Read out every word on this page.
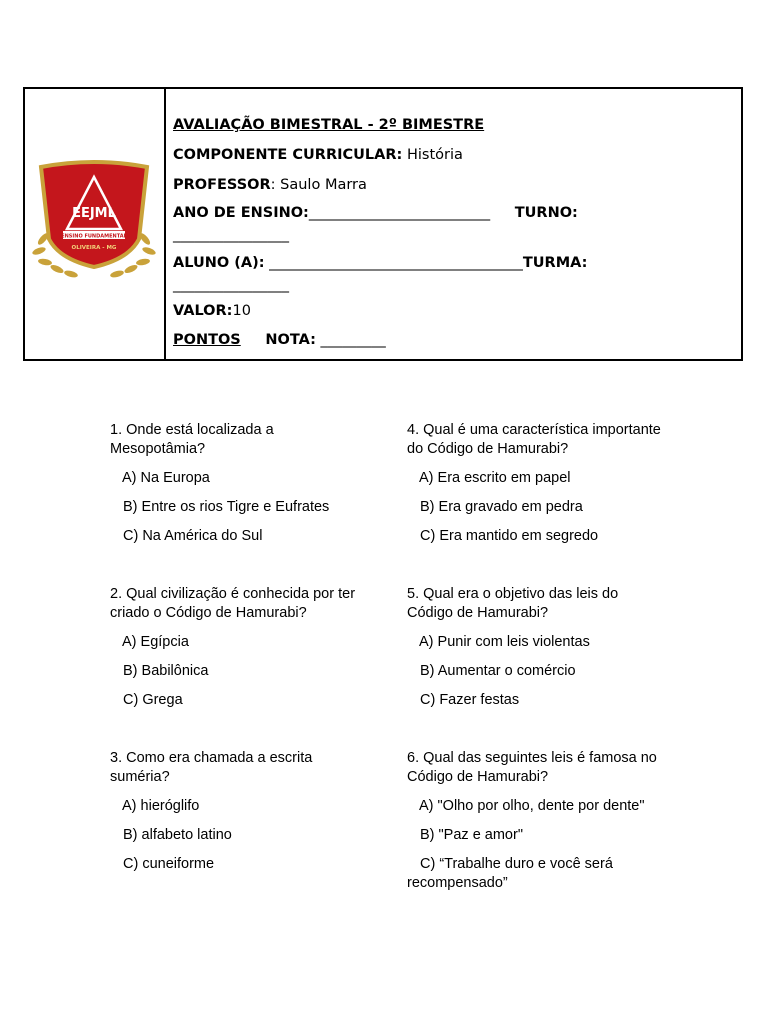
EEJML
ENSINO FUNDAMENTAL
OLIVEIRA - MG
AVALIAÇÃO BIMESTRAL - 2º BIMESTRE
COMPONENTE CURRICULAR: História
PROFESSOR: Saulo Marra
ANO DE ENSINO:_________________________ TURNO:
________________
ALUNO (A): ___________________________________TURMA:
________________
VALOR:10
PONTOS NOTA: _________

1. Onde está localizada a Mesopotâmia?

A) Na Europa

B) Entre os rios Tigre e Eufrates

C) Na América do Sul

2. Qual civilização é conhecida por ter criado o Código de Hamurabi?

A) Egípcia

B) Babilônica

C) Grega

3. Como era chamada a escrita suméria?

A) hieróglifo

B) alfabeto latino

C) cuneiforme

4. Qual é uma característica importante do Código de Hamurabi?

A) Era escrito em papel

B) Era gravado em pedra

C) Era mantido em segredo

5. Qual era o objetivo das leis do Código de Hamurabi?

A) Punir com leis violentas

B) Aumentar o comércio

C) Fazer festas

6. Qual das seguintes leis é famosa no Código de Hamurabi?

A) "Olho por olho, dente por dente"

B) "Paz e amor"

C) “Trabalhe duro e você será recompensado”
